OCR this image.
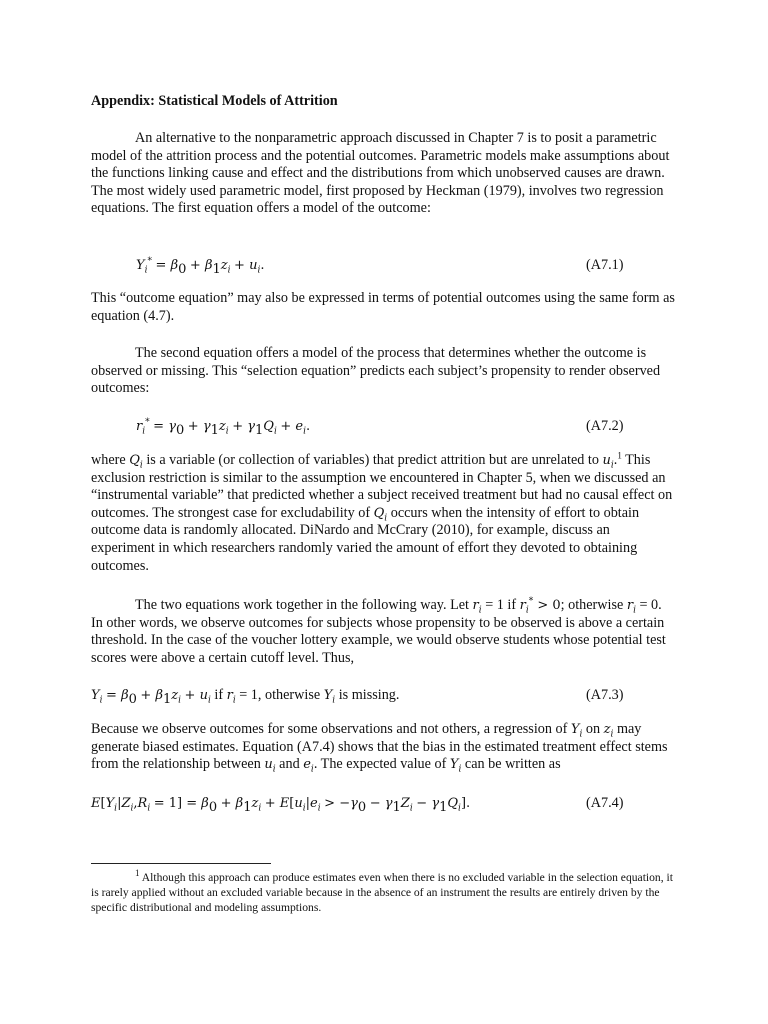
Appendix: Statistical Models of Attrition

An alternative to the nonparametric approach discussed in Chapter 7 is to posit a parametric model of the attrition process and the potential outcomes. Parametric models make assumptions about the functions linking cause and effect and the distributions from which unobserved causes are drawn. The most widely used parametric model, first proposed by Heckman (1979), involves two regression equations. The first equation offers a model of the outcome:

$Y_i^* = \beta_0 + \beta_1z_i + u_i$.	(A7.1)

This “outcome equation” may also be expressed in terms of potential outcomes using the same form as equation (4.7).

The second equation offers a model of the process that determines whether the outcome is observed or missing. This “selection equation” predicts each subject’s propensity to render observed outcomes:

$r_i^* = \gamma_0 + \gamma_1z_i + \gamma_1Q_i + e_i$.	(A7.2)

where $Q_i$ is a variable (or collection of variables) that predict attrition but are unrelated to $u_i.^1$ This exclusion restriction is similar to the assumption we encountered in Chapter 5, when we discussed an “instrumental variable” that predicted whether a subject received treatment but had no causal effect on outcomes. The strongest case for excludability of $Q_i$ occurs when the intensity of effort to obtain outcome data is randomly allocated. DiNardo and McCrary (2010), for example, discuss an experiment in which researchers randomly varied the amount of effort they devoted to obtaining outcomes.

The two equations work together in the following way. Let $r_i = 1$ if $r_i^* > 0$; otherwise $r_i = 0$. In other words, we observe outcomes for subjects whose propensity to be observed is above a certain threshold. In the case of the voucher lottery example, we would observe students whose potential test scores were above a certain cutoff level. Thus,

$Y_i = \beta_0 + \beta_1z_i + u_i$ if $r_i = 1$, otherwise $Y_i$ is missing.	(A7.3)

Because we observe outcomes for some observations and not others, a regression of $Y_i$ on $z_i$ may generate biased estimates. Equation (A7.4) shows that the bias in the estimated treatment effect stems from the relationship between $u_i$ and $e_i$. The expected value of $Y_i$ can be written as

$E[Y_i|Z_i,R_i = 1] = \beta_0 + \beta_1z_i + E[u_i|e_i > -\gamma_0 - \gamma_1Z_i - \gamma_1Q_i]$.	(A7.4)

$^1$ Although this approach can produce estimates even when there is no excluded variable in the selection equation, it is rarely applied without an excluded variable because in the absence of an instrument the results are entirely driven by the specific distributional and modeling assumptions.
